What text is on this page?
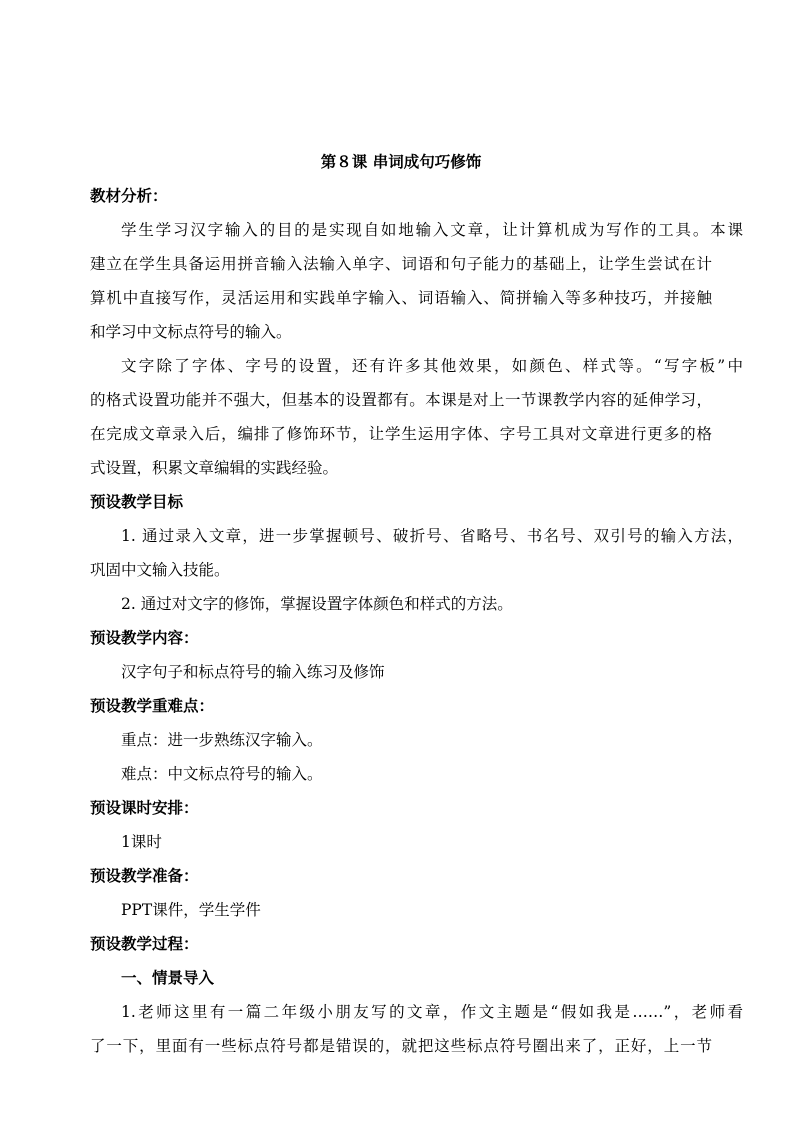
第８课 串词成句巧修饰
教材分析：
学生学习汉字输入的目的是实现自如地输入文章，让计算机成为写作的工具。本课
建立在学生具备运用拼音输入法输入单字、词语和句子能力的基础上，让学生尝试在计
算机中直接写作，灵活运用和实践单字输入、词语输入、简拼输入等多种技巧，并接触
和学习中文标点符号的输入。
文字除了字体、字号的设置，还有许多其他效果，如颜色、样式等。“写字板”中
的格式设置功能并不强大，但基本的设置都有。本课是对上一节课教学内容的延伸学习，
在完成文章录入后，编排了修饰环节，让学生运用字体、字号工具对文章进行更多的格
式设置，积累文章编辑的实践经验。
预设教学目标
1. 通过录入文章，进一步掌握顿号、破折号、省略号、书名号、双引号的输入方法，
巩固中文输入技能。
2. 通过对文字的修饰，掌握设置字体颜色和样式的方法。
预设教学内容：
汉字句子和标点符号的输入练习及修饰
预设教学重难点：
重点：进一步熟练汉字输入。
难点：中文标点符号的输入。
预设课时安排：
1课时
预设教学准备：
PPT课件，学生学件
预设教学过程：
一、情景导入
1.老师这里有一篇二年级小朋友写的文章，作文主题是“假如我是……”，老师看
了一下，里面有一些标点符号都是错误的，就把这些标点符号圈出来了，正好，上一节
